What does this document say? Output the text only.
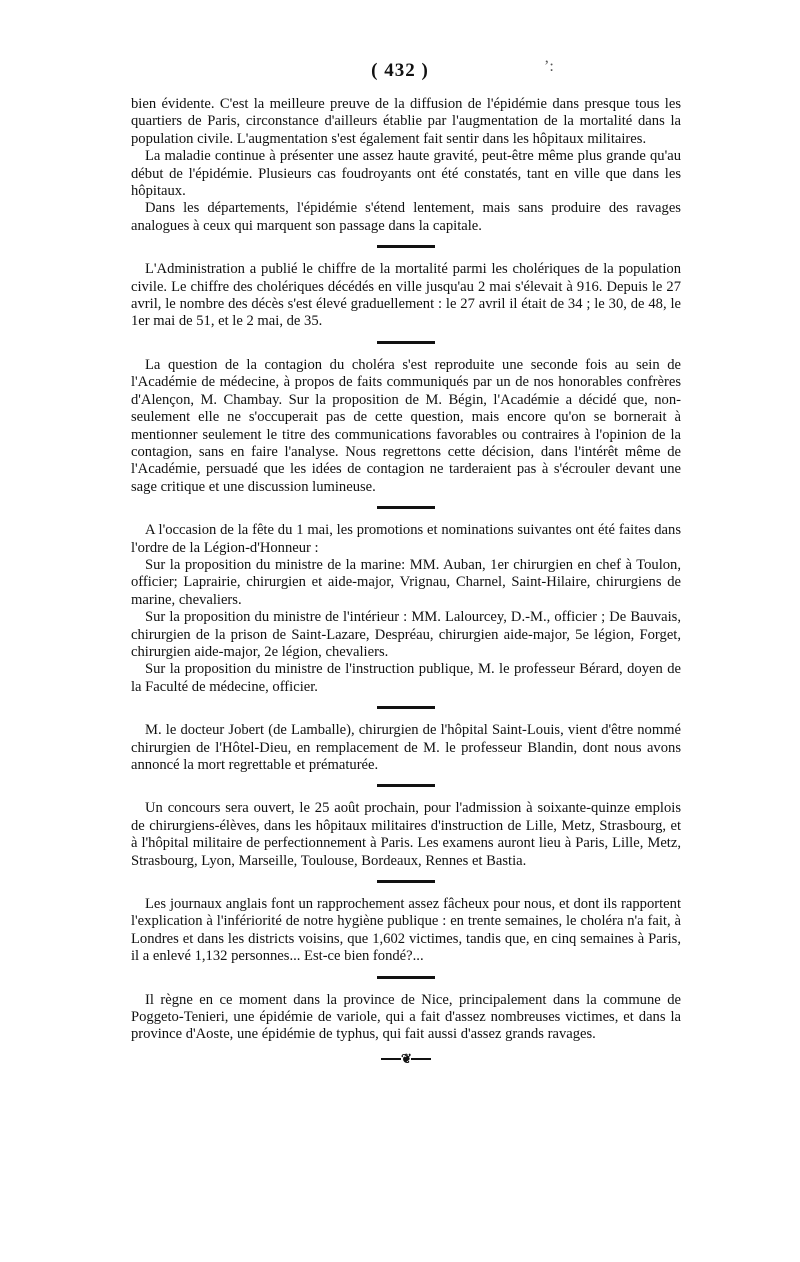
( 432 )	’:

bien évidente. C'est la meilleure preuve de la diffusion de l'épidémie dans presque tous les quartiers de Paris, circonstance d'ailleurs établie par l'augmentation de la mortalité dans la population civile. L'augmentation s'est également fait sentir dans les hôpitaux militaires.

La maladie continue à présenter une assez haute gravité, peut-être même plus grande qu'au début de l'épidémie. Plusieurs cas foudroyants ont été constatés, tant en ville que dans les hôpitaux.

Dans les départements, l'épidémie s'étend lentement, mais sans produire des ravages analogues à ceux qui marquent son passage dans la capitale.

L'Administration a publié le chiffre de la mortalité parmi les cholériques de la population civile. Le chiffre des cholériques décédés en ville jusqu'au 2 mai s'élevait à 916. Depuis le 27 avril, le nombre des décès s'est élevé graduellement : le 27 avril il était de 34 ; le 30, de 48, le 1er mai de 51, et le 2 mai, de 35.

La question de la contagion du choléra s'est reproduite une seconde fois au sein de l'Académie de médecine, à propos de faits communiqués par un de nos honorables confrères d'Alençon, M. Chambay. Sur la proposition de M. Bégin, l'Académie a décidé que, non-seulement elle ne s'occuperait pas de cette question, mais encore qu'on se bornerait à mentionner seulement le titre des communications favorables ou contraires à l'opinion de la contagion, sans en faire l'analyse. Nous regrettons cette décision, dans l'intérêt même de l'Académie, persuadé que les idées de contagion ne tarderaient pas à s'écrouler devant une sage critique et une discussion lumineuse.

A l'occasion de la fête du 1 mai, les promotions et nominations suivantes ont été faites dans l'ordre de la Légion-d'Honneur :

Sur la proposition du ministre de la marine: MM. Auban, 1er chirurgien en chef à Toulon, officier; Laprairie, chirurgien et aide-major, Vrignau, Charnel, Saint-Hilaire, chirurgiens de marine, chevaliers.

Sur la proposition du ministre de l'intérieur : MM. Lalourcey, D.-M., officier ; De Bauvais, chirurgien de la prison de Saint-Lazare, Despréau, chirurgien aide-major, 5e légion, Forget, chirurgien aide-major, 2e légion, chevaliers.

Sur la proposition du ministre de l'instruction publique, M. le professeur Bérard, doyen de la Faculté de médecine, officier.

M. le docteur Jobert (de Lamballe), chirurgien de l'hôpital Saint-Louis, vient d'être nommé chirurgien de l'Hôtel-Dieu, en remplacement de M. le professeur Blandin, dont nous avons annoncé la mort regrettable et prématurée.

Un concours sera ouvert, le 25 août prochain, pour l'admission à soixante-quinze emplois de chirurgiens-élèves, dans les hôpitaux militaires d'instruction de Lille, Metz, Strasbourg, et à l'hôpital militaire de perfectionnement à Paris. Les examens auront lieu à Paris, Lille, Metz, Strasbourg, Lyon, Marseille, Toulouse, Bordeaux, Rennes et Bastia.

Les journaux anglais font un rapprochement assez fâcheux pour nous, et dont ils rapportent l'explication à l'infériorité de notre hygiène publique : en trente semaines, le choléra n'a fait, à Londres et dans les districts voisins, que 1,602 victimes, tandis que, en cinq semaines à Paris, il a enlevé 1,132 personnes... Est-ce bien fondé?...

Il règne en ce moment dans la province de Nice, principalement dans la commune de Poggeto-Tenieri, une épidémie de variole, qui a fait d'assez nombreuses victimes, et dans la province d'Aoste, une épidémie de typhus, qui fait aussi d'assez grands ravages.

❦
